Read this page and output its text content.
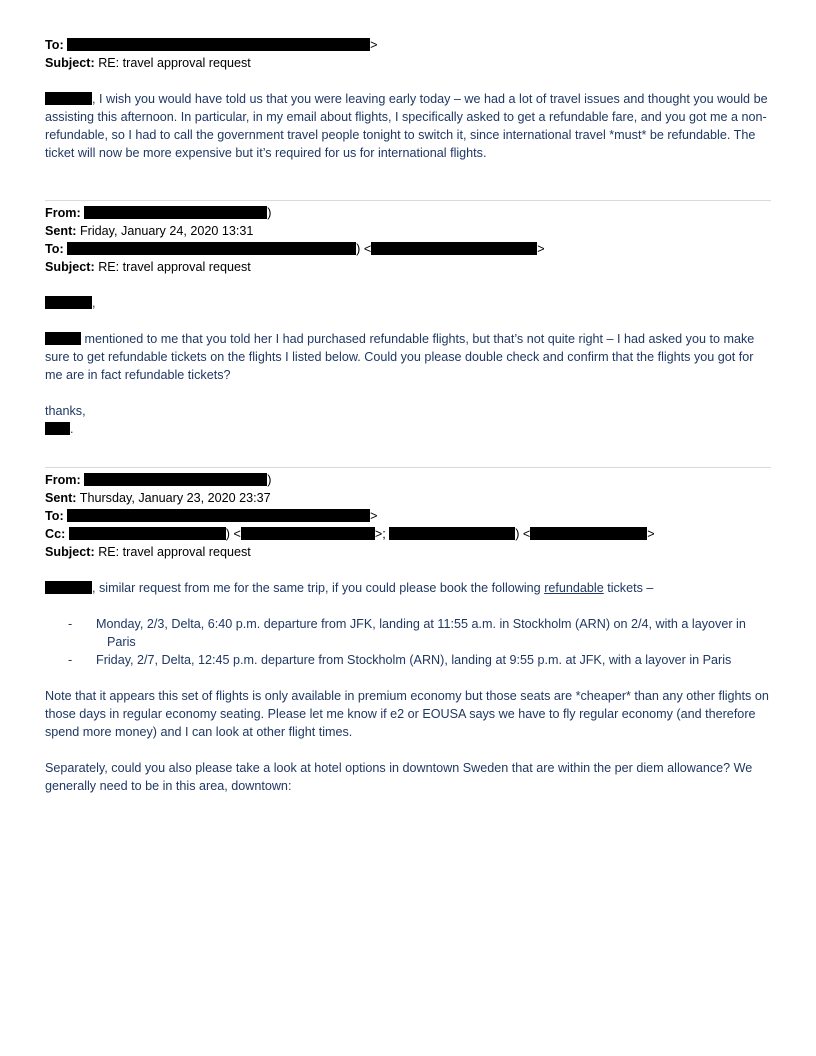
To:	>
Subject: RE: travel approval request

, I wish you would have told us that you were leaving early today – we had a lot of travel issues and thought you would be assisting this afternoon. In particular, in my email about flights, I specifically asked to get a refundable fare, and you got me a non-refundable, so I had to call the government travel people tonight to switch it, since international travel *must* be refundable. The ticket will now be more expensive but it’s required for us for international flights.

From:	)
Sent: Friday, January 24, 2020 13:31
To:	) <	>
Subject: RE: travel approval request

,

mentioned to me that you told her I had purchased refundable flights, but that’s not quite right – I had asked you to make sure to get refundable tickets on the flights I listed below. Could you please double check and confirm that the flights you got for me are in fact refundable tickets?

thanks,

.

From:	)
Sent: Thursday, January 23, 2020 23:37
To:	>
Cc:	) <	>;	) <	>
Subject: RE: travel approval request

, similar request from me for the same trip, if you could please book the following refundable tickets –

- Monday, 2/3, Delta, 6:40 p.m. departure from JFK, landing at 11:55 a.m. in Stockholm (ARN) on 2/4, with a layover in Paris
- Friday, 2/7, Delta, 12:45 p.m. departure from Stockholm (ARN), landing at 9:55 p.m. at JFK, with a layover in Paris

Note that it appears this set of flights is only available in premium economy but those seats are *cheaper* than any other flights on those days in regular economy seating. Please let me know if e2 or EOUSA says we have to fly regular economy (and therefore spend more money) and I can look at other flight times.

Separately, could you also please take a look at hotel options in downtown Sweden that are within the per diem allowance? We generally need to be in this area, downtown:
